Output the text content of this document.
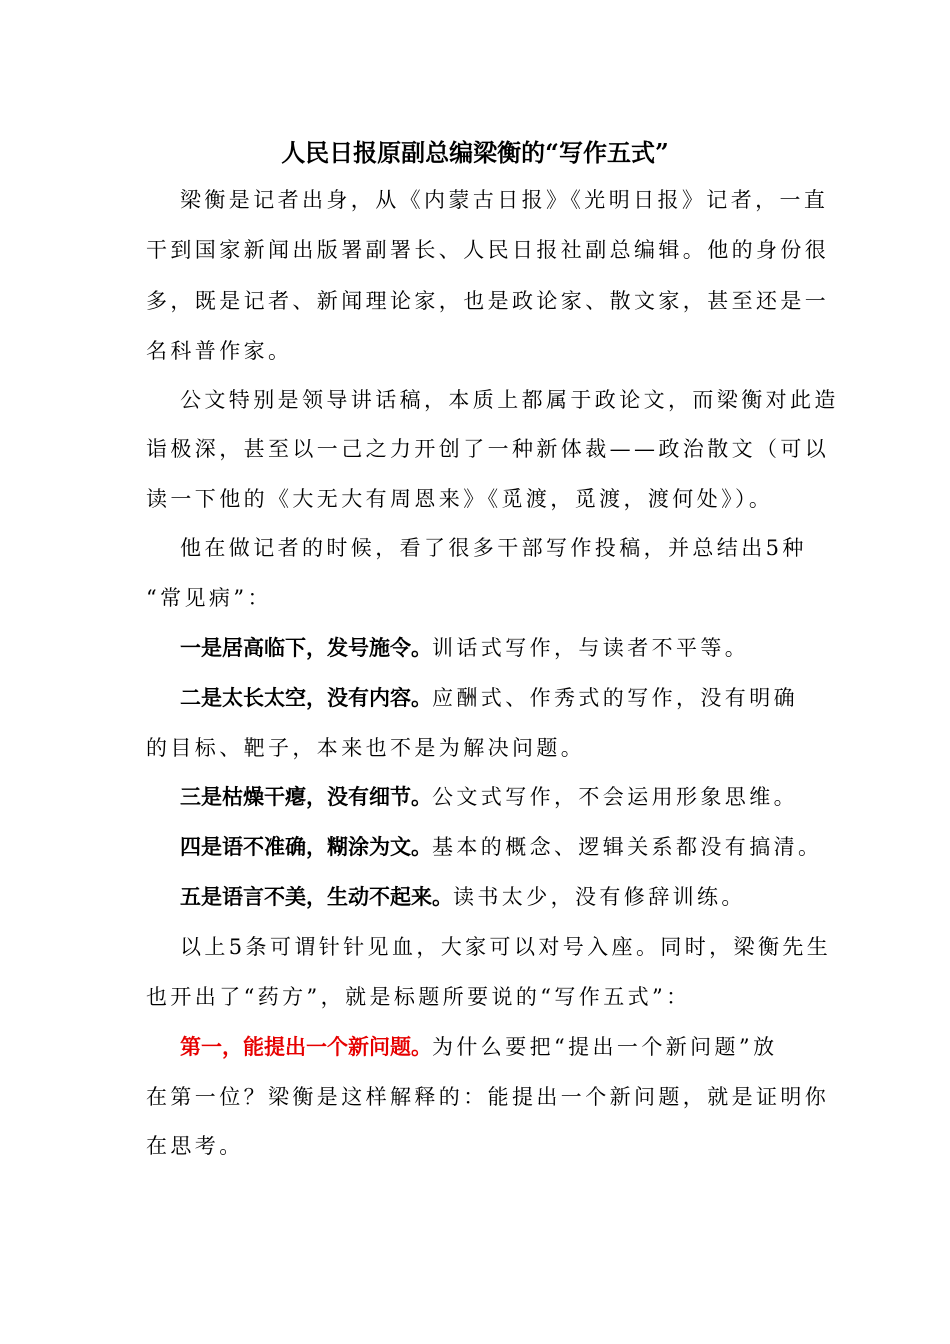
人民日报原副总编梁衡的“写作五式”
梁衡是记者出身，从《内蒙古日报》《光明日报》记者，一直
干到国家新闻出版署副署长、人民日报社副总编辑。他的身份很
多，既是记者、新闻理论家，也是政论家、散文家，甚至还是一
名科普作家。
公文特别是领导讲话稿，本质上都属于政论文，而梁衡对此造
诣极深，甚至以一己之力开创了一种新体裁——政治散文（可以
读一下他的《大无大有周恩来》《觅渡，觅渡，渡何处》）。
他在做记者的时候，看了很多干部写作投稿，并总结出5种
“常见病”：
一是居高临下，发号施令。训话式写作，与读者不平等。
二是太长太空，没有内容。应酬式、作秀式的写作，没有明确
的目标、靶子，本来也不是为解决问题。
三是枯燥干瘪，没有细节。公文式写作，不会运用形象思维。
四是语不准确，糊涂为文。基本的概念、逻辑关系都没有搞清。
五是语言不美，生动不起来。读书太少，没有修辞训练。
以上5条可谓针针见血，大家可以对号入座。同时，梁衡先生
也开出了“药方”，就是标题所要说的“写作五式”：
第一，能提出一个新问题。为什么要把“提出一个新问题”放
在第一位？梁衡是这样解释的：能提出一个新问题，就是证明你
在思考。
